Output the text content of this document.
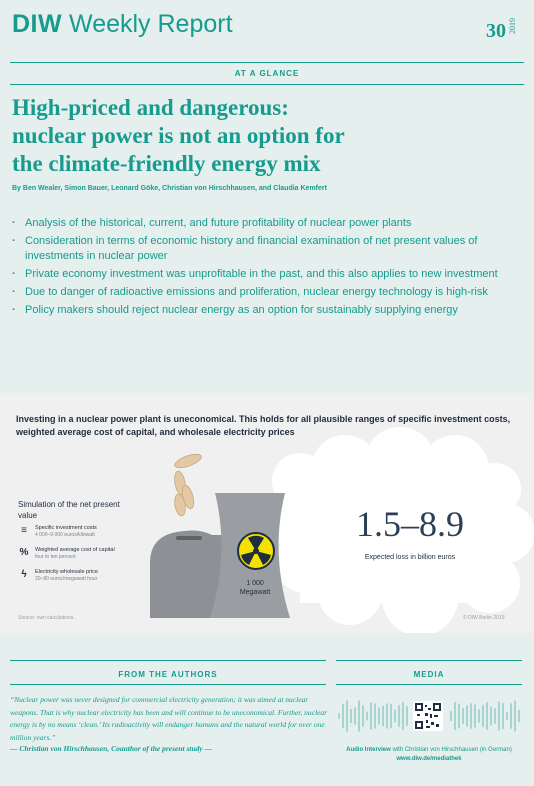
DIW Weekly Report	30 2019
AT A GLANCE
High-priced and dangerous:
nuclear power is not an option for
the climate-friendly energy mix
By Ben Wealer, Simon Bauer, Leonard Göke, Christian von Hirschhausen, and Claudia Kemfert
· Analysis of the historical, current, and future profitability of nuclear power plants
· Consideration in terms of economic history and financial examination of net present values of investments in nuclear power
· Private economy investment was unprofitable in the past, and this also applies to new investment
· Due to danger of radioactive emissions and proliferation, nuclear energy technology is high-risk
· Policy makers should reject nuclear energy as an option for sustainably supplying energy
Investing in a nuclear power plant is uneconomical. This holds for all plausible ranges of specific investment costs, weighted average cost of capital, and wholesale electricity prices
Simulation of the net present value
≡	Specific investment costs
4 000–9 000 euros/kilowatt
% Weighted average cost of capital
four to ten percent
ϟ	Electricity wholesale price
20–80 euros/megawatt hour
1 000
Megawatt
1.5–8.9
Expected loss in billion euros
Source: own calculations.	© DIW Berlin 2019
FROM THE AUTHORS	MEDIA
“Nuclear power was never designed for commercial electricity generation; it was aimed at nuclear weapons. That is why nuclear electricity has been and will continue to be uneconomical. Further, nuclear energy is by no means ‘clean.’ Its radioactivity will endanger humans and the natural world for over one million years.”
— Christian von Hirschhausen, Coauthor of the present study —	Audio Interview with Christian von Hirschhausen (in German)
www.diw.de/mediathek
